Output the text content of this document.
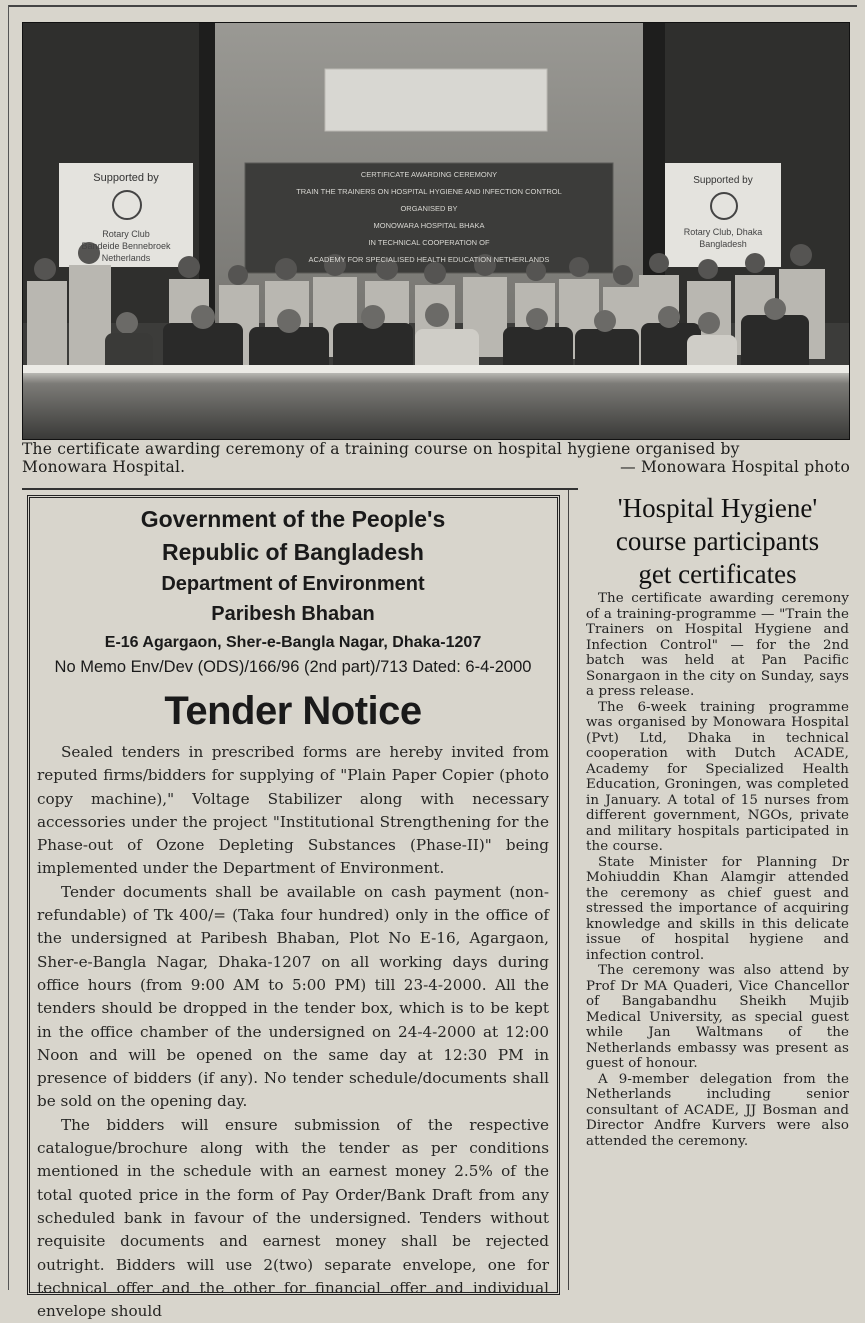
Supported by
Rotary Club
Bandeide Bennebroek
Netherlands
CERTIFICATE AWARDING CEREMONY
TRAIN THE TRAINERS ON HOSPITAL HYGIENE AND INFECTION CONTROL
ORGANISED BY
MONOWARA HOSPITAL BHAKA
IN TECHNICAL COOPERATION OF
ACADEMY FOR SPECIALISED HEALTH EDUCATION NETHERLANDS
Supported by
Rotary Club, Dhaka
Bangladesh
The certificate awarding ceremony of a training course on hospital hygiene organised by
Monowara Hospital.	— Monowara Hospital photo
Government of the People's
Republic of Bangladesh
Department of Environment
Paribesh Bhaban
E-16 Agargaon, Sher-e-Bangla Nagar, Dhaka-1207
No Memo Env/Dev (ODS)/166/96 (2nd part)/713 Dated: 6-4-2000
Tender Notice

Sealed tenders in prescribed forms are hereby invited from reputed firms/bidders for supplying of "Plain Paper Copier (photo copy machine)," Voltage Stabilizer along with necessary accessories under the project "Institutional Strengthening for the Phase-out of Ozone Depleting Substances (Phase-II)" being implemented under the Department of Environment.

Tender documents shall be available on cash payment (non-refundable) of Tk 400/= (Taka four hundred) only in the office of the undersigned at Paribesh Bhaban, Plot No E-16, Agargaon, Sher-e-Bangla Nagar, Dhaka-1207 on all working days during office hours (from 9:00 AM to 5:00 PM) till 23-4-2000. All the tenders should be dropped in the tender box, which is to be kept in the office chamber of the undersigned on 24-4-2000 at 12:00 Noon and will be opened on the same day at 12:30 PM in presence of bidders (if any). No tender schedule/documents shall be sold on the opening day.

The bidders will ensure submission of the respective catalogue/brochure along with the tender as per conditions mentioned in the schedule with an earnest money 2.5% of the total quoted price in the form of Pay Order/Bank Draft from any scheduled bank in favour of the undersigned. Tenders without requisite documents and earnest money shall be rejected outright. Bidders will use 2(two) separate envelope, one for technical offer and the other for financial offer and individual envelope should

'Hospital Hygiene'
course participants
get certificates

The certificate awarding ceremony of a training-programme — "Train the Trainers on Hospital Hygiene and Infection Control" — for the 2nd batch was held at Pan Pacific Sonargaon in the city on Sunday, says a press release.

The 6-week training programme was organised by Monowara Hospital (Pvt) Ltd, Dhaka in technical cooperation with Dutch ACADE, Academy for Specialized Health Education, Groningen, was completed in January. A total of 15 nurses from different government, NGOs, private and military hospitals participated in the course.

State Minister for Planning Dr Mohiuddin Khan Alamgir attended the ceremony as chief guest and stressed the importance of acquiring knowledge and skills in this delicate issue of hospital hygiene and infection control.

The ceremony was also attend by Prof Dr MA Quaderi, Vice Chancellor of Bangabandhu Sheikh Mujib Medical University, as special guest while Jan Waltmans of the Netherlands embassy was present as guest of honour.

A 9-member delegation from the Netherlands including senior consultant of ACADE, JJ Bosman and Director Andfre Kurvers were also attended the ceremony.
